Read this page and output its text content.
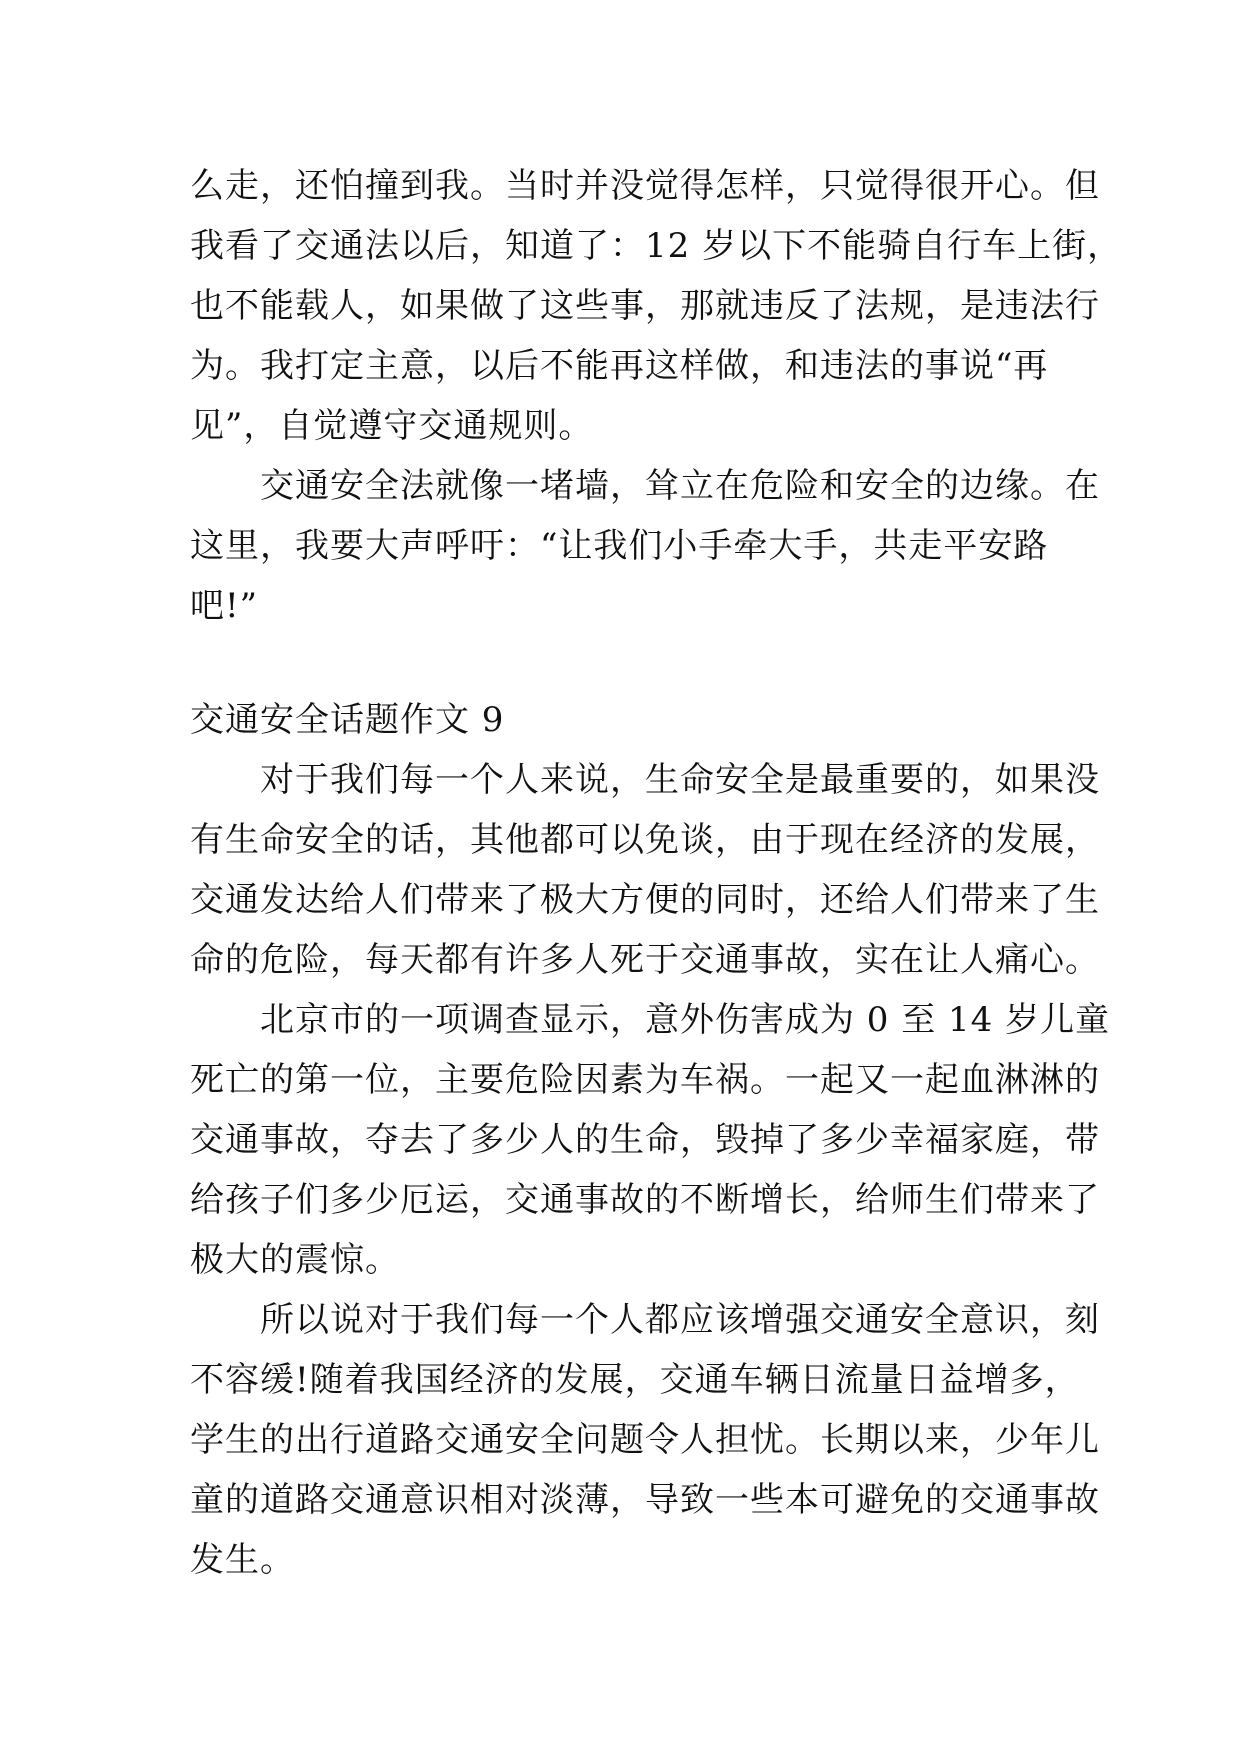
么走，还怕撞到我。当时并没觉得怎样，只觉得很开心。但
我看了交通法以后，知道了：12 岁以下不能骑自行车上街，
也不能载人，如果做了这些事，那就违反了法规，是违法行
为。我打定主意，以后不能再这样做，和违法的事说“再
见”，自觉遵守交通规则。
　　交通安全法就像一堵墙，耸立在危险和安全的边缘。在
这里，我要大声呼吁：“让我们小手牵大手，共走平安路
吧!”
交通安全话题作文 9
　　对于我们每一个人来说，生命安全是最重要的，如果没
有生命安全的话，其他都可以免谈，由于现在经济的发展，
交通发达给人们带来了极大方便的同时，还给人们带来了生
命的危险，每天都有许多人死于交通事故，实在让人痛心。
　　北京市的一项调查显示，意外伤害成为 0 至 14 岁儿童
死亡的第一位，主要危险因素为车祸。一起又一起血淋淋的
交通事故，夺去了多少人的生命，毁掉了多少幸福家庭，带
给孩子们多少厄运，交通事故的不断增长，给师生们带来了
极大的震惊。
　　所以说对于我们每一个人都应该增强交通安全意识，刻
不容缓!随着我国经济的发展，交通车辆日流量日益增多，
学生的出行道路交通安全问题令人担忧。长期以来，少年儿
童的道路交通意识相对淡薄，导致一些本可避免的交通事故
发生。
